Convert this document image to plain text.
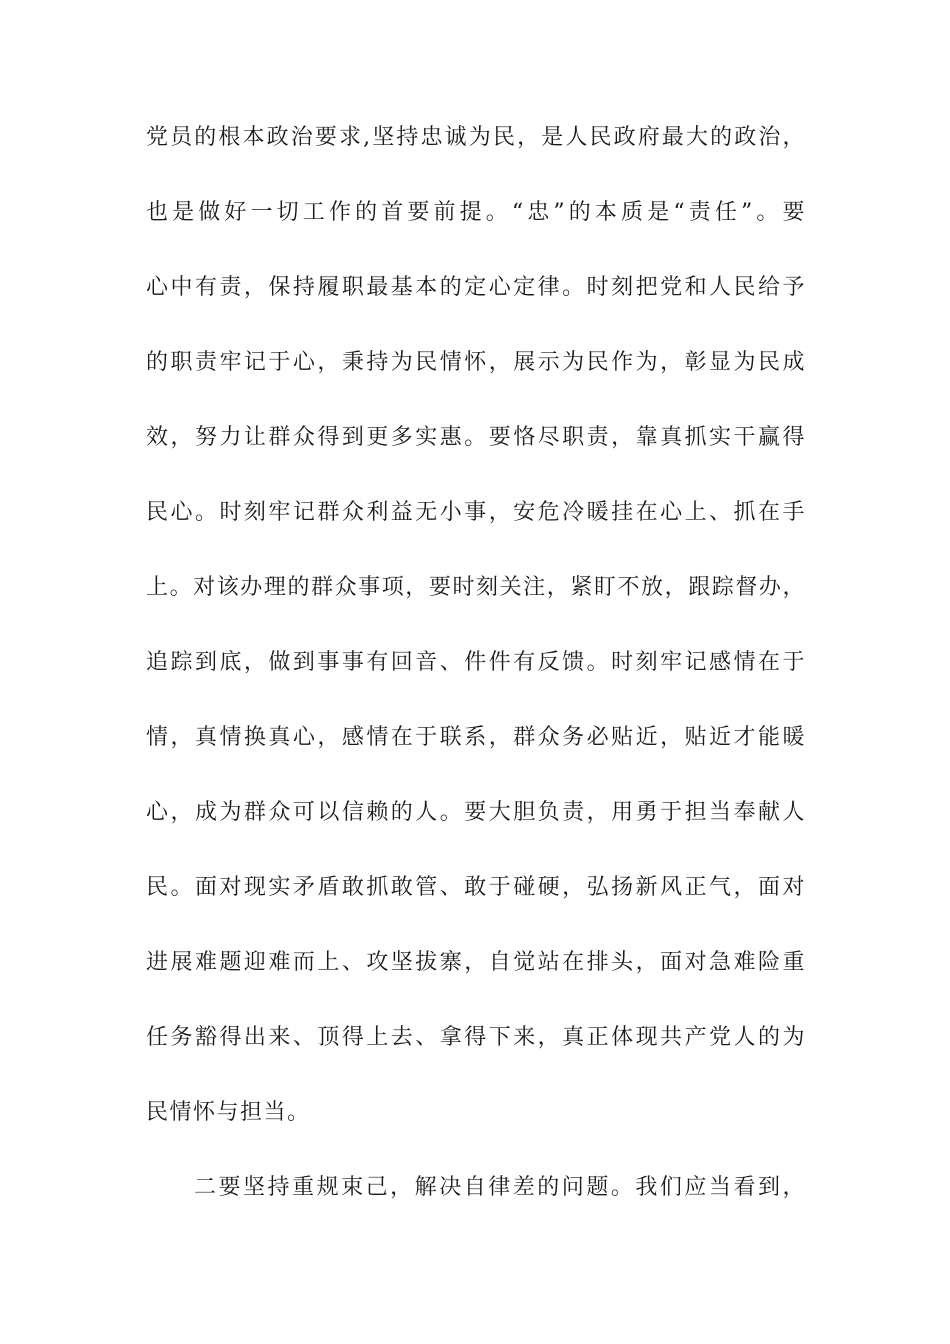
党员的根本政治要求,坚持忠诚为民，是人民政府最大的政治，
也是做好一切工作的首要前提。“忠”的本质是“责任”。要
心中有责，保持履职最基本的定心定律。时刻把党和人民给予
的职责牢记于心，秉持为民情怀，展示为民作为，彰显为民成
效，努力让群众得到更多实惠。要恪尽职责，靠真抓实干赢得
民心。时刻牢记群众利益无小事，安危冷暖挂在心上、抓在手
上。对该办理的群众事项，要时刻关注，紧盯不放，跟踪督办，
追踪到底，做到事事有回音、件件有反馈。时刻牢记感情在于
情，真情换真心，感情在于联系，群众务必贴近，贴近才能暖
心，成为群众可以信赖的人。要大胆负责，用勇于担当奉献人
民。面对现实矛盾敢抓敢管、敢于碰硬，弘扬新风正气，面对
进展难题迎难而上、攻坚拔寨，自觉站在排头，面对急难险重
任务豁得出来、顶得上去、拿得下来，真正体现共产党人的为
民情怀与担当。
二要坚持重规束己，解决自律差的问题。我们应当看到，
